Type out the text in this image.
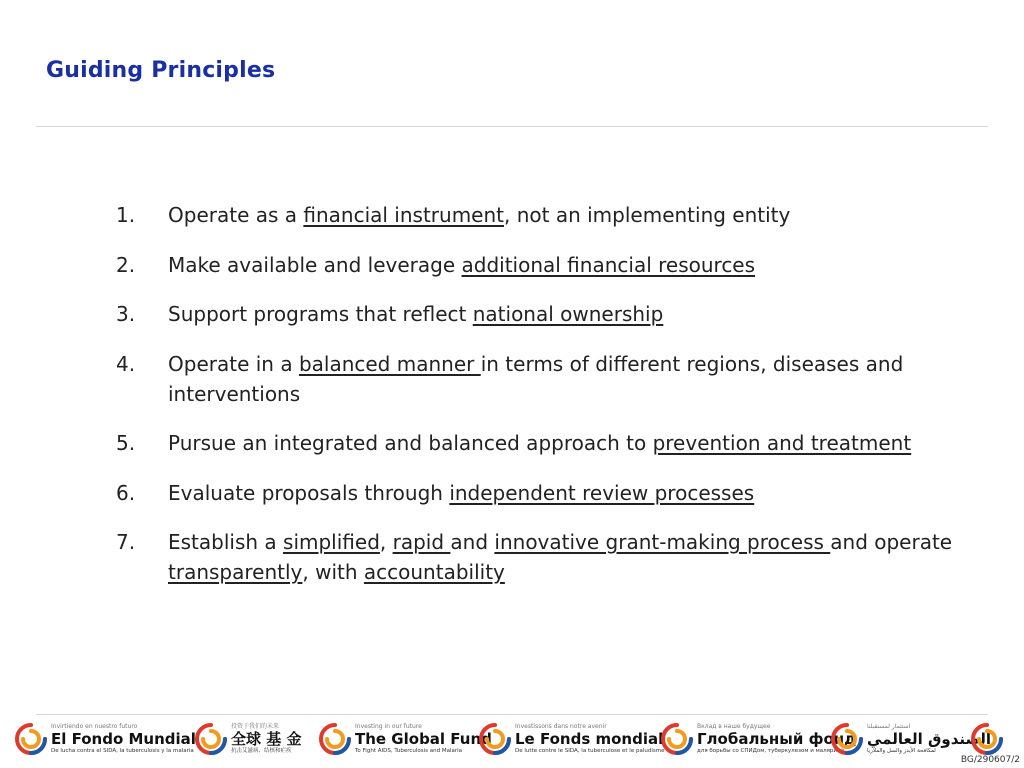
Guiding Principles
1.	Operate as a financial instrument, not an implementing entity
2.	Make available and leverage additional financial resources
3.	Support programs that reflect national ownership
4.	Operate in a balanced manner in terms of different regions, diseases and interventions
5.	Pursue an integrated and balanced approach to prevention and treatment
6.	Evaluate proposals through independent review processes
7.	Establish a simplified, rapid and innovative grant-making process and operate transparently, with accountability
Invirtiendo en nuestro futuro
El Fondo Mundial
De lucha contra el SIDA, la tuberculosis y la malaria
投资于我们的未来
全球 基 金
抗击艾滋病、结核和疟疾
Investing in our future
The Global Fund
To Fight AIDS, Tuberculosis and Malaria
Investissons dans notre avenir
Le Fonds mondial
De lutte contre le SIDA, la tuberculose et le paludisme
Вклад в наше будущее
Глобальный фонд
для борьбы со СПИДом, туберкулезом и малярией
استثمار لمستقبلنا
الصندوق العالمي
لمكافحة الأيدز والسل والملاريا
BG/290607/2
